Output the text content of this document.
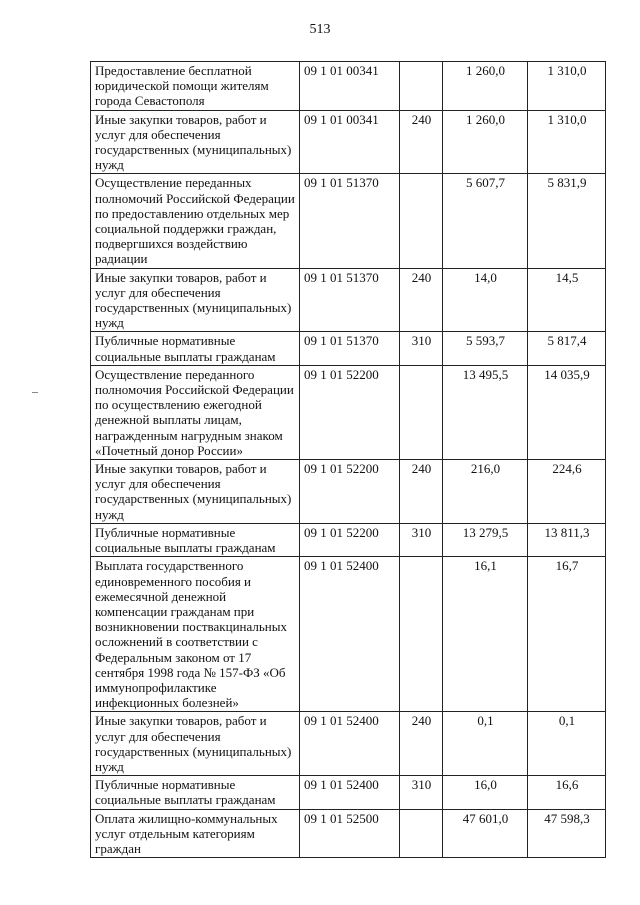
513
Предоставление бесплатной юридической помощи жителям города Севастополя	09 1 01 00341		1 260,0	1 310,0
Иные закупки товаров, работ и услуг для обеспечения государственных (муниципальных) нужд	09 1 01 00341	240	1 260,0	1 310,0
Осуществление переданных полномочий Российской Федерации по предоставлению отдельных мер социальной поддержки граждан, подвергшихся воздействию радиации	09 1 01 51370		5 607,7	5 831,9
Иные закупки товаров, работ и услуг для обеспечения государственных (муниципальных) нужд	09 1 01 51370	240	14,0	14,5
Публичные нормативные социальные выплаты гражданам	09 1 01 51370	310	5 593,7	5 817,4
Осуществление переданного полномочия Российской Федерации по осуществлению ежегодной денежной выплаты лицам, награжденным нагрудным знаком «Почетный донор России»	09 1 01 52200		13 495,5	14 035,9
Иные закупки товаров, работ и услуг для обеспечения государственных (муниципальных) нужд	09 1 01 52200	240	216,0	224,6
Публичные нормативные социальные выплаты гражданам	09 1 01 52200	310	13 279,5	13 811,3
Выплата государственного единовременного пособия и ежемесячной денежной компенсации гражданам при возникновении поствакцинальных осложнений в соответствии с Федеральным законом от 17 сентября 1998 года № 157-ФЗ «Об иммунопрофилактике инфекционных болезней»	09 1 01 52400		16,1	16,7
Иные закупки товаров, работ и услуг для обеспечения государственных (муниципальных) нужд	09 1 01 52400	240	0,1	0,1
Публичные нормативные социальные выплаты гражданам	09 1 01 52400	310	16,0	16,6
Оплата жилищно-коммунальных услуг отдельным категориям граждан	09 1 01 52500		47 601,0	47 598,3
